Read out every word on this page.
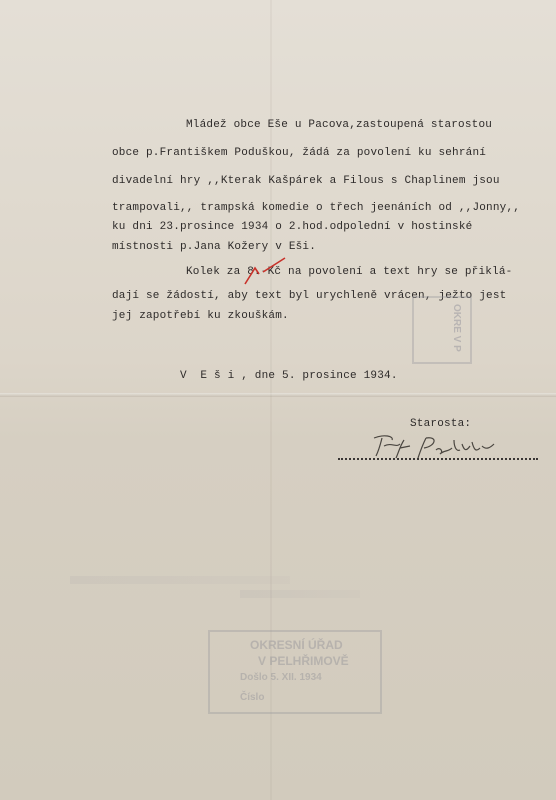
Mládež obce Eše u Pacova,zastoupená starostou
obce p.Františkem Poduškou, žádá za povolení ku sehrání
divadelní hry ,,Kterak Kašpárek a Filous s Chaplinem jsou
trampovali,, trampská komedie o třech jeenáních od ,,Jonny,,
ku dni 23.prosince 1934 o 2.hod.odpolední v hostinské
místnosti p.Jana Kožery v Eši.
Kolek za 8.-Kč na povolení a text hry se přiklá-
dají se žádostí, aby text byl urychleně vrácen, ježto jest
jej zapotřebí ku zkouškám.
V  E š i , dne 5. prosince 1934.
Starosta:
OKRE V P
OKRESNÍ ÚŘAD
V PELHŘIMOVĚ
Došlo 5. XII. 1934
Číslo
